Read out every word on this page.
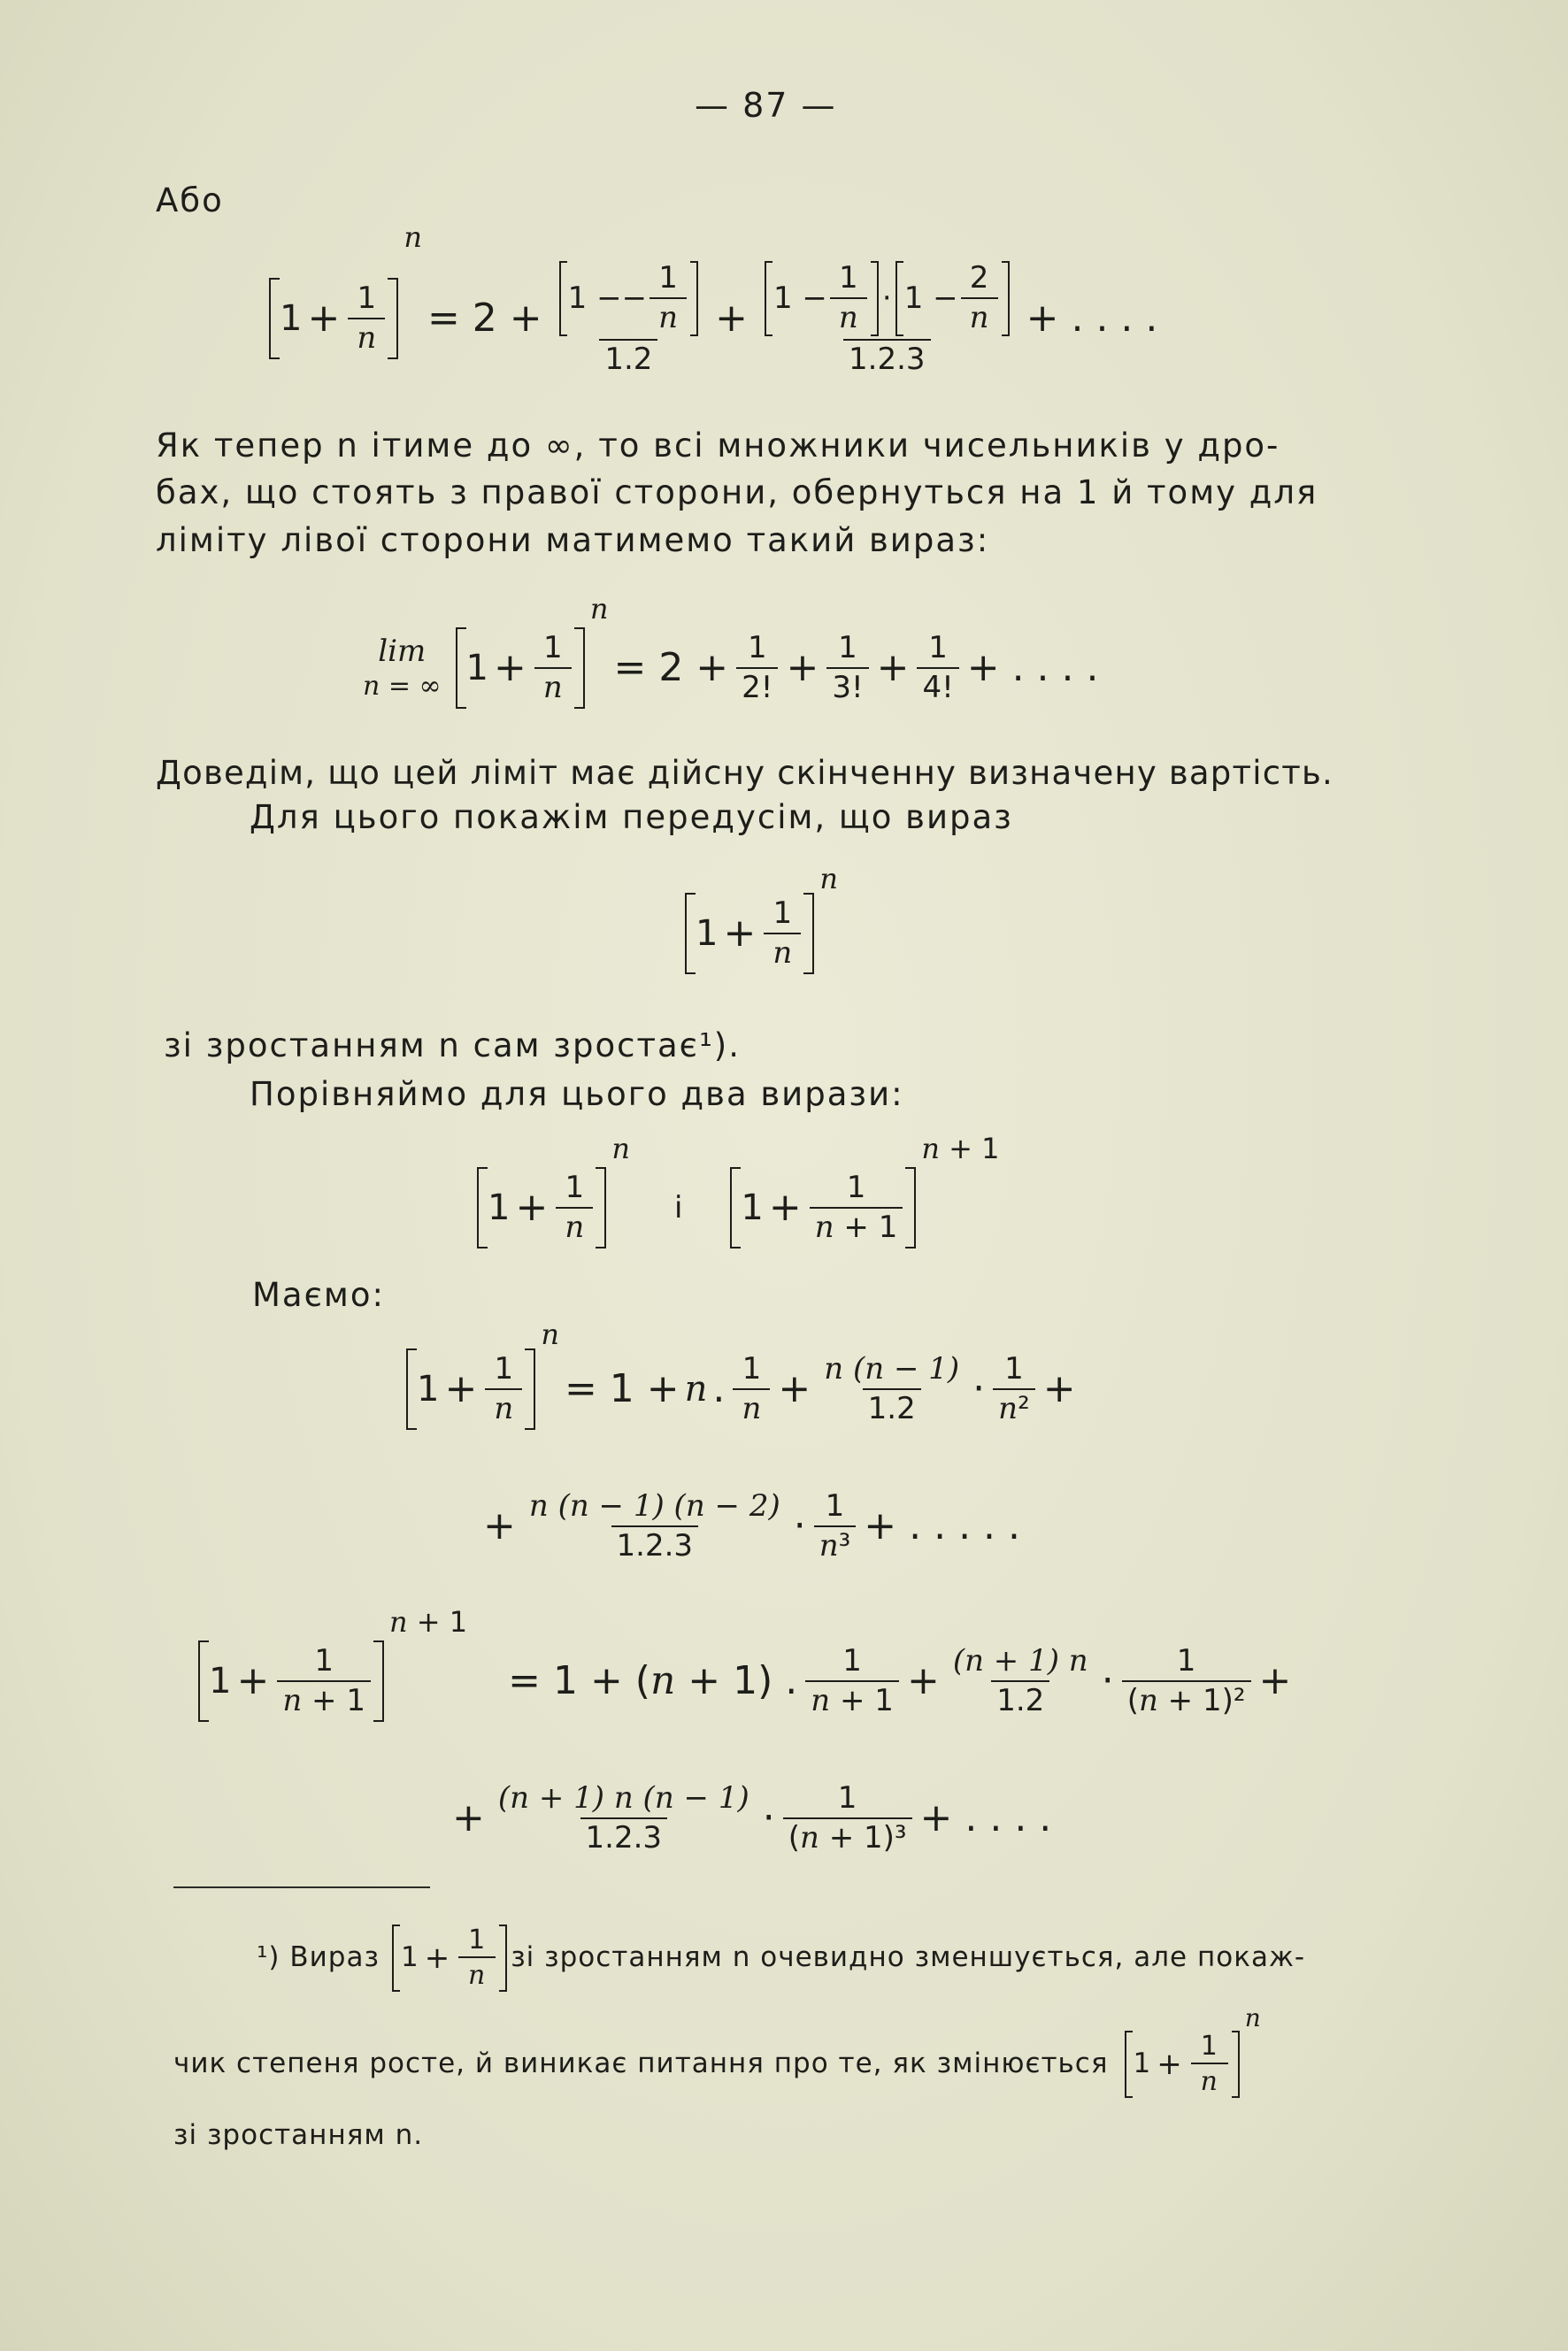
— 87 —
Або
$1 + \frac{1}{n}$
n
= $2 + \frac{1 -- \frac{1}{n}}{1.2} + \frac{1 - \frac{1}{n} \cdot 1 - \frac{2}{n}}{1.2.3}$ + . . . .
Як тепер n ітиме до ∞, то всі множники чисельників у дро-
бах, що стоять з правої сторони, обернуться на 1 й тому для
ліміту лівої сторони матимемо такий вираз:
lim
n = ∞ $1 + \frac{1}{n}$
n
= $2 + \frac{1}{2!} + \frac{1}{3!} + \frac{1}{4!}$ + . . . .
Доведім, що цей ліміт має дійсну скінченну визначену вартість.
Для цього покажім передусім, що вираз
$1 + \frac{1}{n}$
n
зі зростанням n сам зростає¹).
Порівняймо для цього два вирази:
$1 + \frac{1}{n}$
n
і	$1 + \frac{1}{n + 1}$
n + 1
Маємо:
$1 + \frac{1}{n}$
n
= 1 + n . $\frac{1}{n} + \frac{n (n - 1)}{1.2} \cdot \frac{1}{\text{n ²}}$ +
+ $\frac{n (n - 1) (n - 2)}{1.2.3} \cdot \frac{1}{\text{n ³}}$ + . . . . .
$1 + \frac{1}{n + 1}$
n + 1
= 1 + (n + 1) . $\frac{1}{n + 1} + \frac{(n + 1) n}{1.2} \cdot \frac{1}{\text{( n + 1)²}}$ +
+ $\frac{(n + 1) n (n - 1)}{1.2.3} \cdot \frac{1}{\text{( n + 1)³}}$ + . . . .
¹) Вираз $1 + \frac{1}{n}$ зі зростанням n очевидно зменшується, але покаж-
чик степеня росте, й виникає питання про те, як змінюється $1 + \frac{1}{n}$
n
зі зростанням n.
